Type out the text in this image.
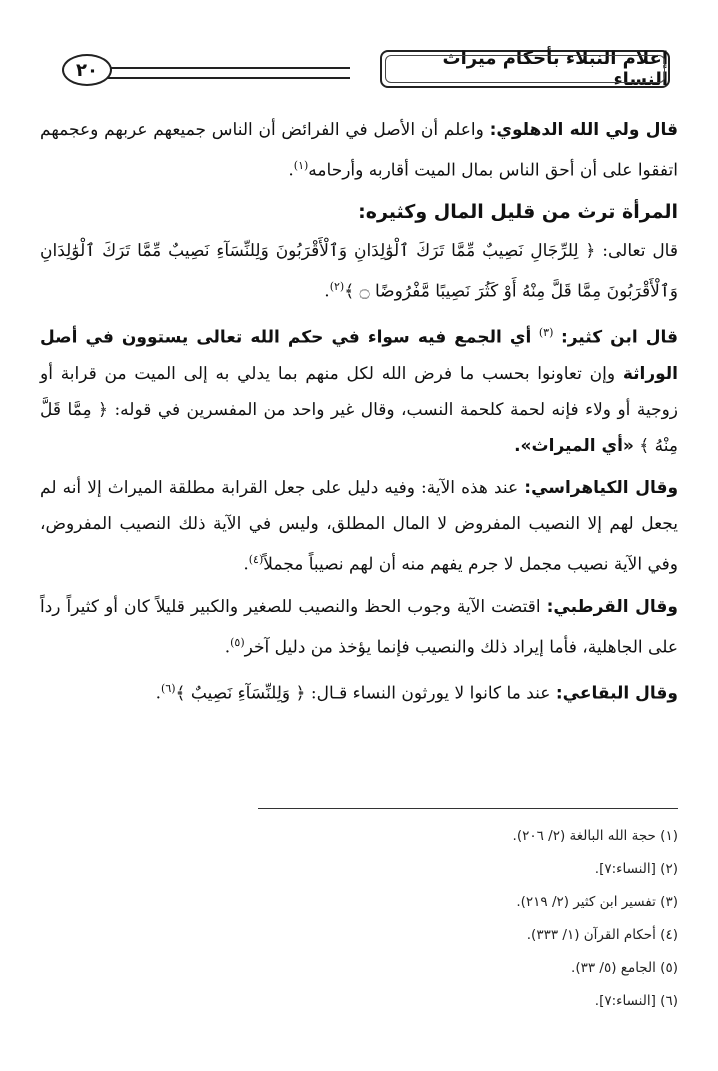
إعلام النبلاء بأحكام ميراث النساء
٢٠

قال ولي الله الدهلوي: واعلم أن الأصل في الفرائض أن الناس جميعهم عربهم وعجمهم اتفقوا على أن أحق الناس بمال الميت أقاربه وأرحامه$^{(١)}$.

المرأة ترث من قليل المال وكثيره:

قال تعالى: ﴿ لِلرِّجَالِ نَصِيبٌ مِّمَّا تَرَكَ ٱلْوَٰلِدَانِ وَٱلْأَقْرَبُونَ وَلِلنِّسَآءِ نَصِيبٌ مِّمَّا تَرَكَ ٱلْوَٰلِدَانِ وَٱلْأَقْرَبُونَ مِمَّا قَلَّ مِنْهُ أَوْ كَثُرَ نَصِيبًا مَّفْرُوضًا ۝ ﴾$^{(٢)}$.

قال ابن كثير: $^{(٣)}$ أي الجمع فيه سواء في حكم الله تعالى يستوون في أصل الوراثة وإن تعاونوا بحسب ما فرض الله لكل منهم بما يدلي به إلى الميت من قرابة أو زوجية أو ولاء فإنه لحمة كلحمة النسب، وقال غير واحد من المفسرين في قوله: ﴿ مِمَّا قَلَّ مِنْهُ ﴾ «أي الميراث».

وقال الكياهراسي: عند هذه الآية: وفيه دليل على جعل القرابة مطلقة الميراث إلا أنه لم يجعل لهم إلا النصيب المفروض لا المال المطلق، وليس في الآية ذلك النصيب المفروض، وفي الآية نصيب مجمل لا جرم يفهم منه أن لهم نصيباً مجملاً$^{(٤)}$.

وقال القرطبي: اقتضت الآية وجوب الحظ والنصيب للصغير والكبير قليلاً كان أو كثيراً رداً على الجاهلية، فأما إيراد ذلك والنصيب فإنما يؤخذ من دليل آخر$^{(٥)}$.

وقال البقاعي: عند ما كانوا لا يورثون النساء قـال: ﴿ وَلِلنِّسَآءِ نَصِيبٌ ﴾$^{(٦)}$.

(١) حجة الله البالغة (٢/ ٢٠٦).
(٢) [النساء:٧].
(٣) تفسير ابن كثير (٢/ ٢١٩).
(٤) أحكام القرآن (١/ ٣٣٣).
(٥) الجامع (٥/ ٣٣).
(٦) [النساء:٧].
